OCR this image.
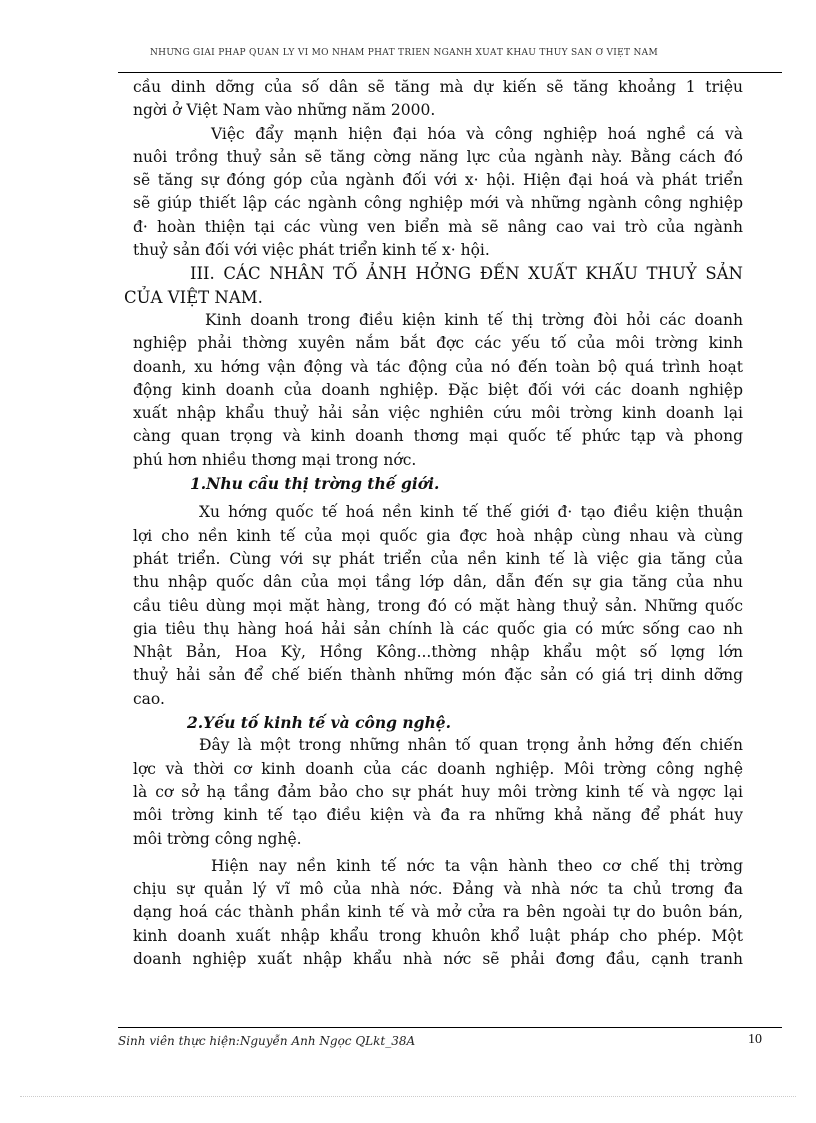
NHỮNG GIẢI PHÁP QUẢN LÝ VĨ MÔ NHẰM PHÁT TRIỂN NGÀNH XUẤT KHẨU THUỶ SẢN Ở VIỆT NAM
cầu dinh dỡng của số dân sẽ tăng mà dự kiến sẽ tăng khoảng 1 triệu
ngời ở Việt Nam vào những năm 2000.
Việc đẩy mạnh hiện đại hóa và công nghiệp hoá nghề cá và
nuôi trồng thuỷ sản sẽ tăng cờng năng lực của ngành này. Bằng cách đó
sẽ tăng sự đóng góp của ngành đối với x· hội. Hiện đại hoá và phát triển
sẽ giúp thiết lập các ngành công nghiệp mới và những ngành công nghiệp
đ· hoàn thiện tại các vùng ven biển mà sẽ nâng cao vai trò của ngành
thuỷ sản đối với việc phát triển kinh tế x· hội.
III. CÁC NHÂN TỐ ẢNH HỞNG ĐẾN XUẤT KHẨU THUỶ SẢN
CỦA VIỆT NAM.
Kinh doanh trong điều kiện kinh tế thị trờng đòi hỏi các doanh
nghiệp phải thờng xuyên nắm bắt đợc các yếu tố của môi trờng kinh
doanh, xu hớng vận động và tác động của nó đến toàn bộ quá trình hoạt
động kinh doanh của doanh nghiệp. Đặc biệt đối với các doanh nghiệp
xuất nhập khẩu thuỷ hải sản việc nghiên cứu môi trờng kinh doanh lại
càng quan trọng và kinh doanh thơng mại quốc tế phức tạp và phong
phú hơn nhiều thơng mại trong nớc.
1.Nhu cầu thị trờng thế giới.
Xu hớng quốc tế hoá nền kinh tế thế giới đ· tạo điều kiện thuận
lợi cho nền kinh tế của mọi quốc gia đợc hoà nhập cùng nhau và cùng
phát triển. Cùng với sự phát triển của nền kinh tế là việc gia tăng của
thu nhập quốc dân của mọi tầng lớp dân, dẫn đến sự gia tăng của nhu
cầu tiêu dùng mọi mặt hàng, trong đó có mặt hàng thuỷ sản. Những quốc
gia tiêu thụ hàng hoá hải sản chính là các quốc gia có mức sống cao nh
Nhật Bản, Hoa Kỳ, Hồng Kông...thờng nhập khẩu một số lợng lớn
thuỷ hải sản để chế biến thành những món đặc sản có giá trị dinh dỡng
cao.
2.Yếu tố kinh tế và công nghệ.
Đây là một trong những nhân tố quan trọng ảnh hởng đến chiến
lợc và thời cơ kinh doanh của các doanh nghiệp. Môi trờng công nghệ
là cơ sở hạ tầng đảm bảo cho sự phát huy môi trờng kinh tế và ngợc lại
môi trờng kinh tế tạo điều kiện và đa ra những khả năng để phát huy
môi trờng công nghệ.
Hiện nay nền kinh tế nớc ta vận hành theo cơ chế thị trờng
chịu sự quản lý vĩ mô của nhà nớc. Đảng và nhà nớc ta chủ trơng đa
dạng hoá các thành phần kinh tế và mở cửa ra bên ngoài tự do buôn bán,
kinh doanh xuất nhập khẩu trong khuôn khổ luật pháp cho phép. Một
doanh nghiệp xuất nhập khẩu nhà nớc sẽ phải đơng đầu, cạnh tranh
Sinh viên thực hiện:Nguyễn Anh Ngọc QLkt_38A	10
